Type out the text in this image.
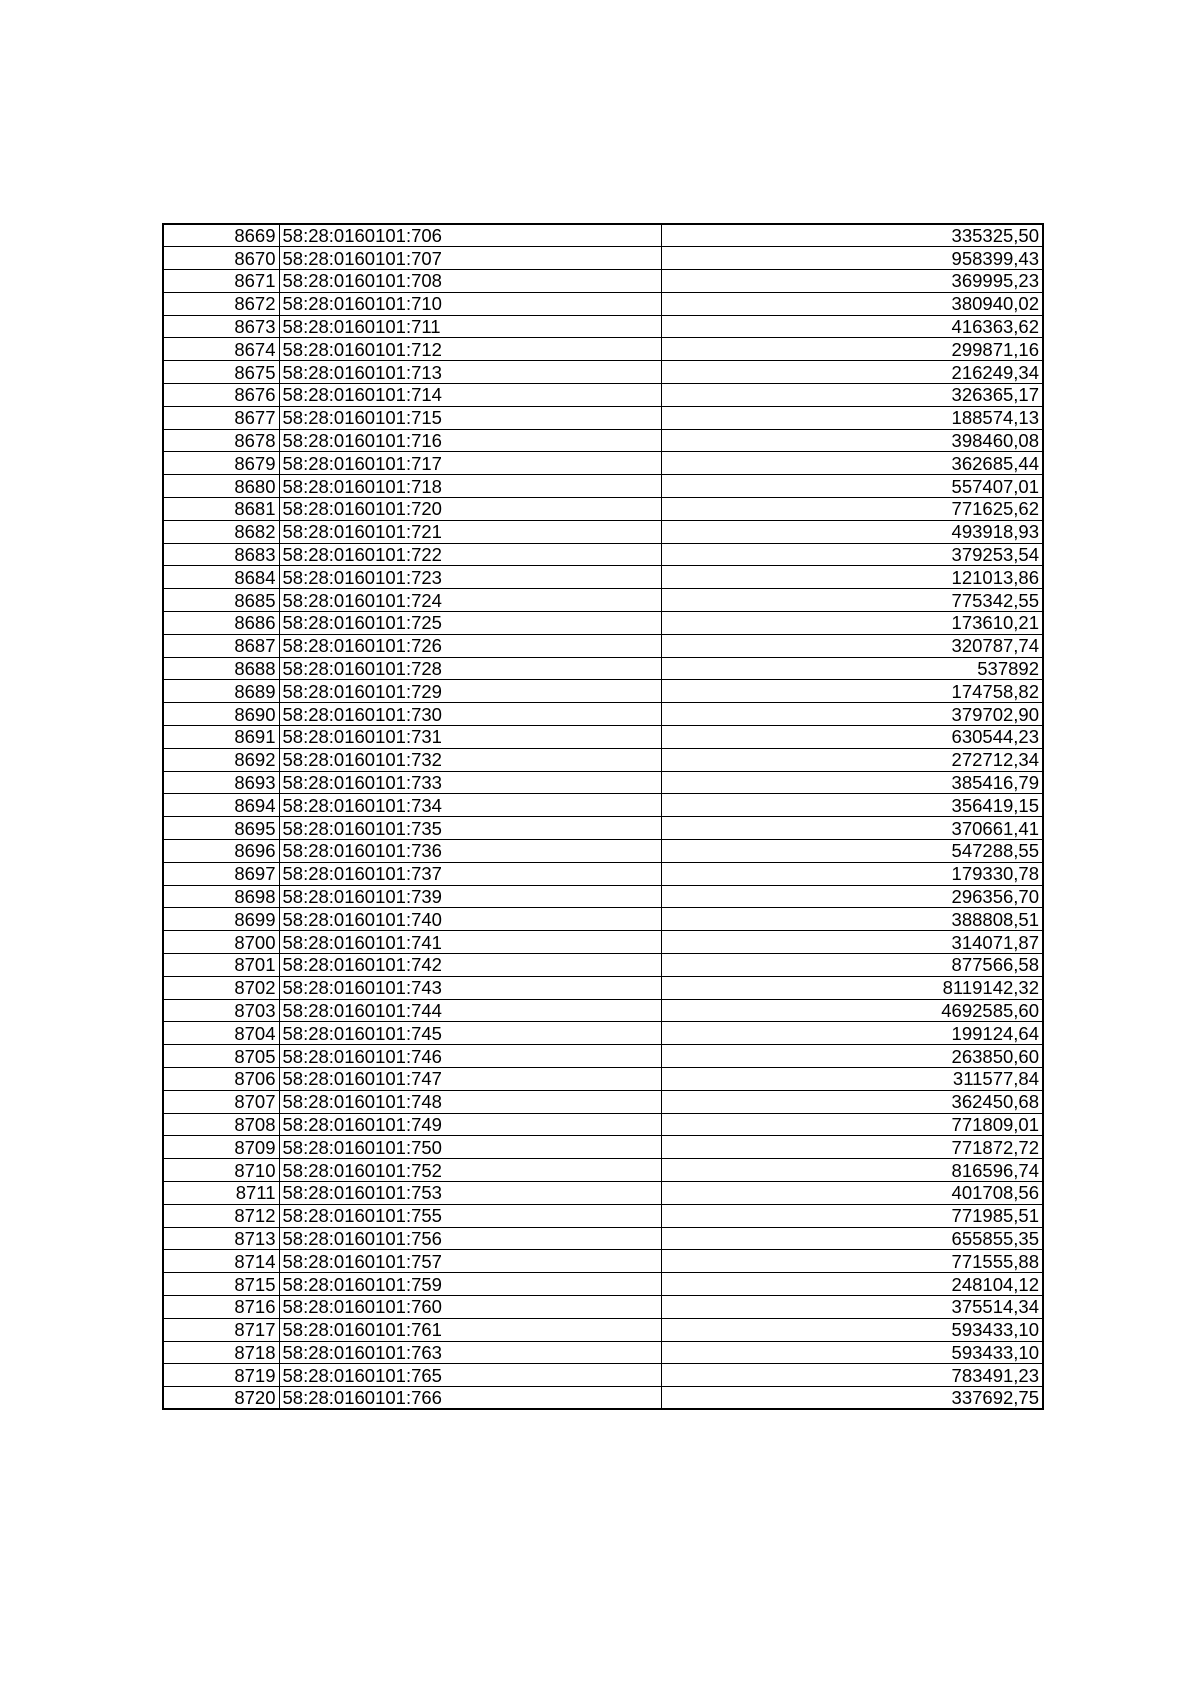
8669	58:28:0160101:706	335325,50
8670	58:28:0160101:707	958399,43
8671	58:28:0160101:708	369995,23
8672	58:28:0160101:710	380940,02
8673	58:28:0160101:711	416363,62
8674	58:28:0160101:712	299871,16
8675	58:28:0160101:713	216249,34
8676	58:28:0160101:714	326365,17
8677	58:28:0160101:715	188574,13
8678	58:28:0160101:716	398460,08
8679	58:28:0160101:717	362685,44
8680	58:28:0160101:718	557407,01
8681	58:28:0160101:720	771625,62
8682	58:28:0160101:721	493918,93
8683	58:28:0160101:722	379253,54
8684	58:28:0160101:723	121013,86
8685	58:28:0160101:724	775342,55
8686	58:28:0160101:725	173610,21
8687	58:28:0160101:726	320787,74
8688	58:28:0160101:728	537892
8689	58:28:0160101:729	174758,82
8690	58:28:0160101:730	379702,90
8691	58:28:0160101:731	630544,23
8692	58:28:0160101:732	272712,34
8693	58:28:0160101:733	385416,79
8694	58:28:0160101:734	356419,15
8695	58:28:0160101:735	370661,41
8696	58:28:0160101:736	547288,55
8697	58:28:0160101:737	179330,78
8698	58:28:0160101:739	296356,70
8699	58:28:0160101:740	388808,51
8700	58:28:0160101:741	314071,87
8701	58:28:0160101:742	877566,58
8702	58:28:0160101:743	8119142,32
8703	58:28:0160101:744	4692585,60
8704	58:28:0160101:745	199124,64
8705	58:28:0160101:746	263850,60
8706	58:28:0160101:747	311577,84
8707	58:28:0160101:748	362450,68
8708	58:28:0160101:749	771809,01
8709	58:28:0160101:750	771872,72
8710	58:28:0160101:752	816596,74
8711	58:28:0160101:753	401708,56
8712	58:28:0160101:755	771985,51
8713	58:28:0160101:756	655855,35
8714	58:28:0160101:757	771555,88
8715	58:28:0160101:759	248104,12
8716	58:28:0160101:760	375514,34
8717	58:28:0160101:761	593433,10
8718	58:28:0160101:763	593433,10
8719	58:28:0160101:765	783491,23
8720	58:28:0160101:766	337692,75
